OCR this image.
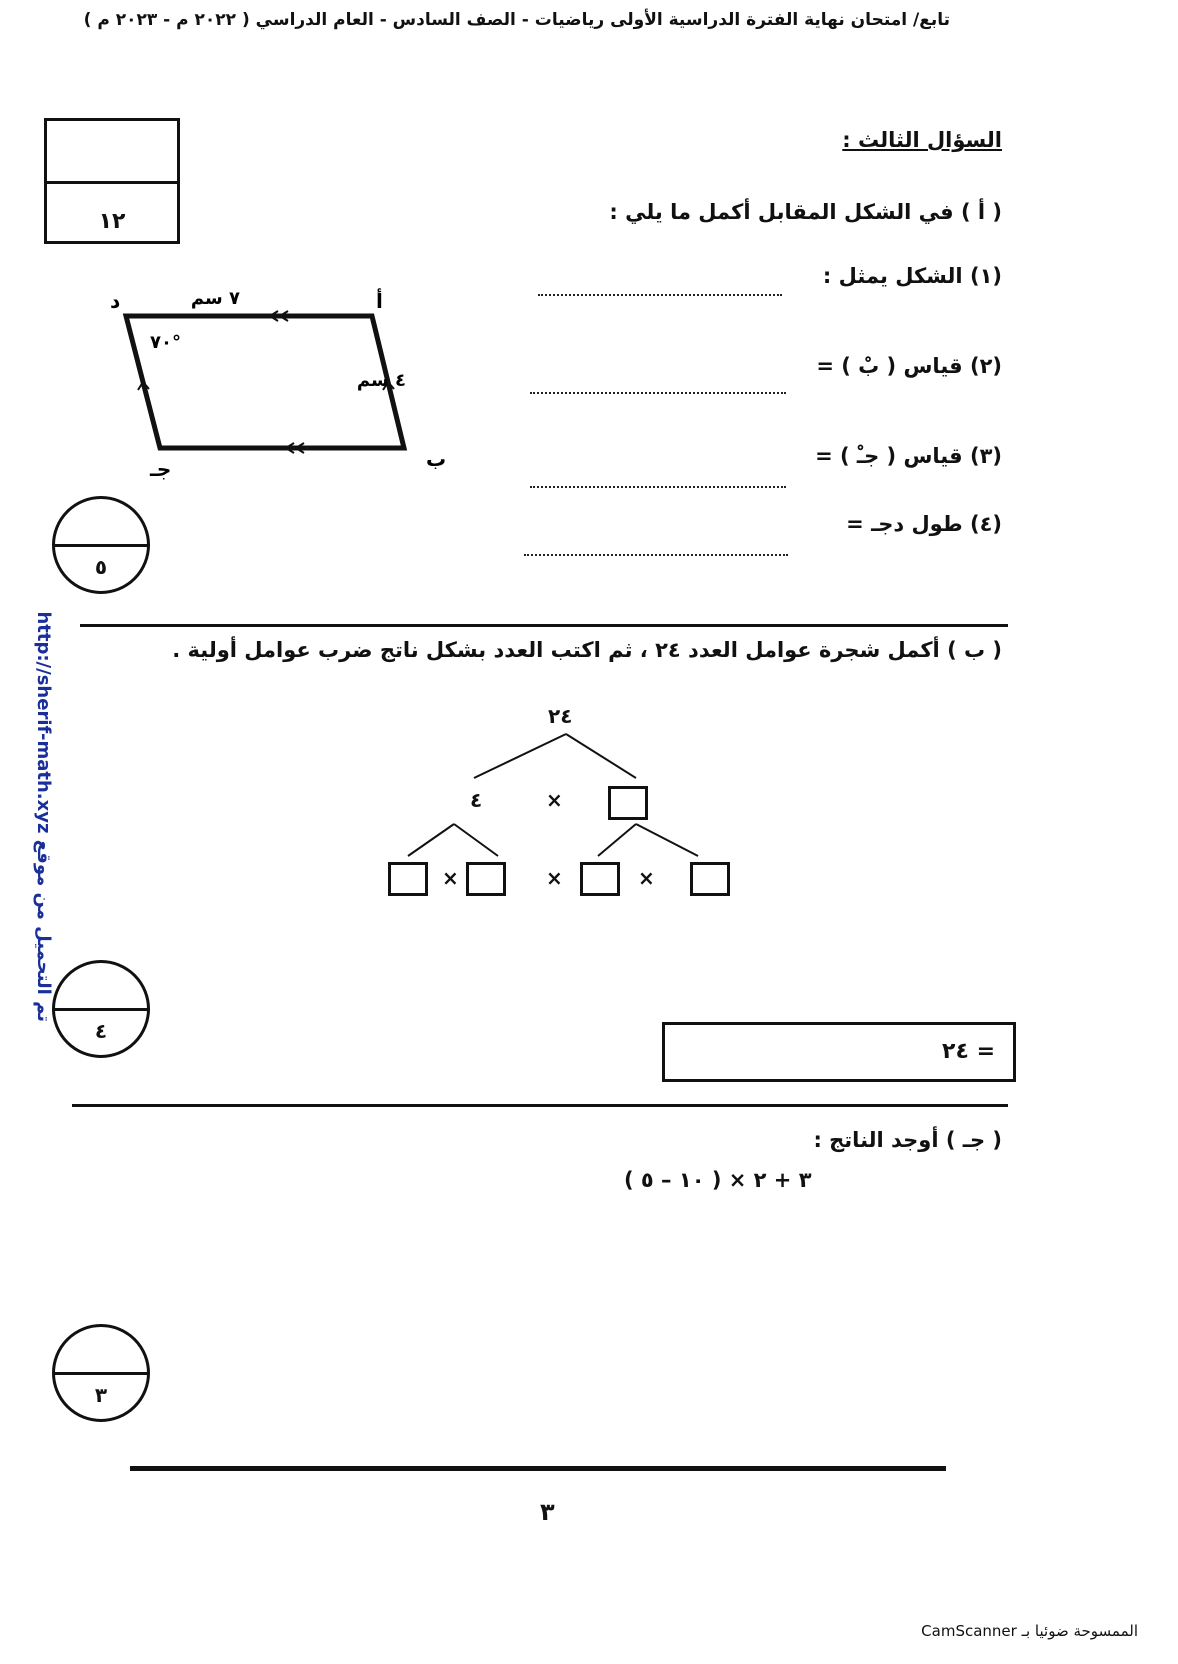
تابع/ امتحان نهاية الفترة الدراسية الأولى رياضيات - الصف السادس - العام الدراسي ( ٢٠٢٢ م - ٢٠٢٣ م )
١٢
السؤال الثالث :
( أ ) في الشكل المقابل أكمل ما يلي :
(١) الشكل يمثل :
(٢) قياس ( بْ ) =
(٣) قياس ( جـْ ) =
(٤) طول دجـ =
د	أ
ب
جـ
٧ سم
٤ سم
٧٠°
٥
تم التحميل من موقع http://sherif-math.xyz
( ب ) أكمل شجرة عوامل العدد ٢٤ ، ثم اكتب العدد بشكل ناتج ضرب عوامل أولية .
٢٤
٤	×
×	×	×
٢٤ =
٤
( جـ ) أوجد الناتج :
( ١٠ – ٥ ) × ٣ + ٢
٣
٣
الممسوحة ضوئيا بـ CamScanner
